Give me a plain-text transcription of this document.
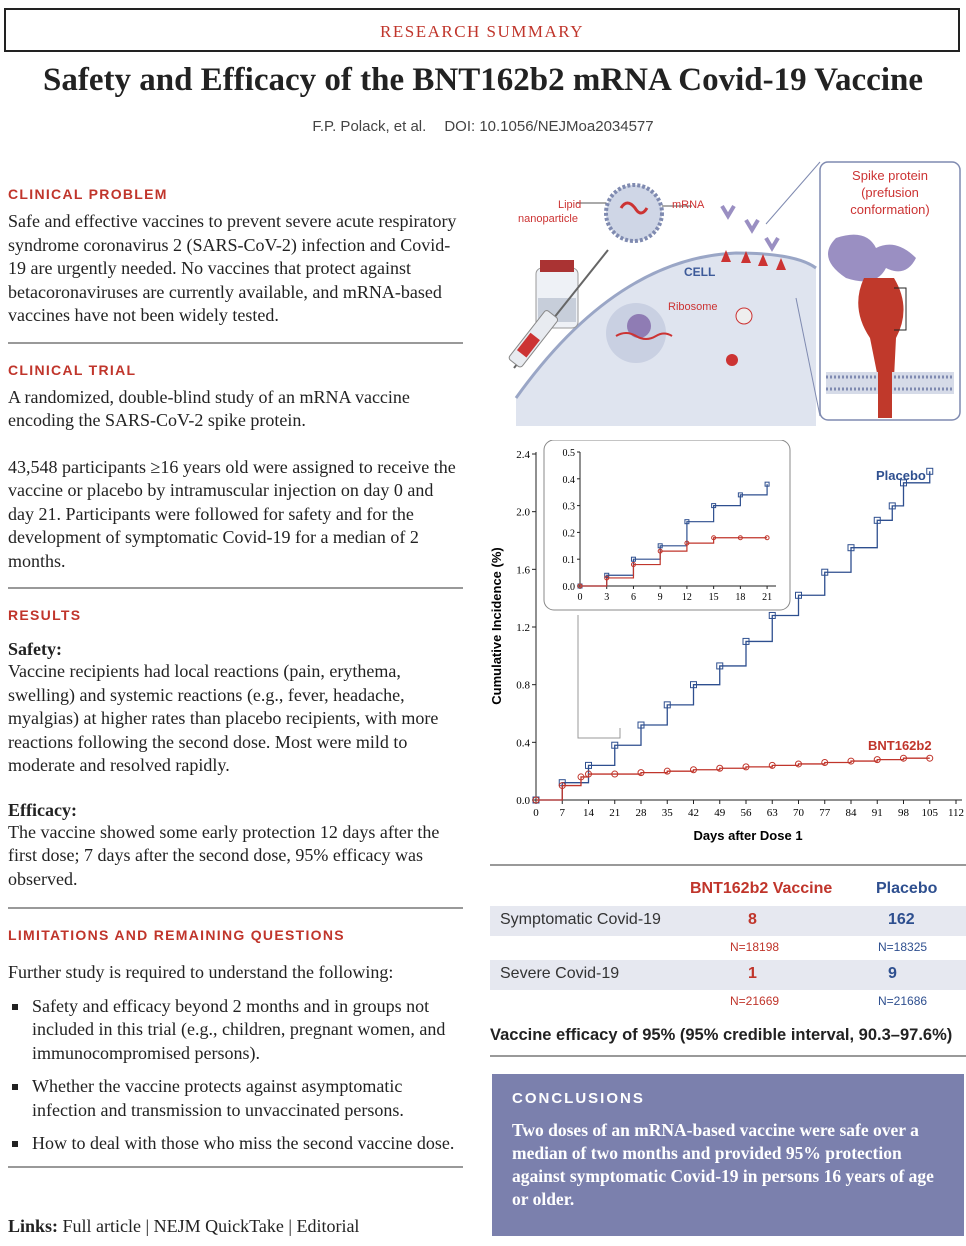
RESEARCH SUMMARY
Safety and Efficacy of the BNT162b2 mRNA Covid-19 Vaccine
F.P. Polack, et al. DOI: 10.1056/NEJMoa2034577
CLINICAL PROBLEM

Safe and effective vaccines to prevent severe acute respiratory syndrome coronavirus 2 (SARS-CoV-2) infection and Covid-19 are urgently needed. No vaccines that protect against betacoronaviruses are currently available, and mRNA-based vaccines have not been widely tested.

CLINICAL TRIAL

A randomized, double-blind study of an mRNA vaccine encoding the SARS-CoV-2 spike protein.

43,548 participants ≥16 years old were assigned to receive the vaccine or placebo by intramuscular injection on day 0 and day 21. Participants were followed for safety and for the development of symptomatic Covid-19 for a median of 2 months.

RESULTS

Safety:

Vaccine recipients had local reactions (pain, erythema, swelling) and systemic reactions (e.g., fever, headache, myalgias) at higher rates than placebo recipients, with more reactions following the second dose. Most were mild to moderate and resolved rapidly.

Efficacy:

The vaccine showed some early protection 12 days after the first dose; 7 days after the second dose, 95% efficacy was observed.

LIMITATIONS AND REMAINING QUESTIONS

Further study is required to understand the following:

Safety and efficacy beyond 2 months and in groups not included in this trial (e.g., children, pregnant women, and immunocompromised persons).
Whether the vaccine protects against asymptomatic infection and transmission to unvaccinated persons.
How to deal with those who miss the second vaccine dose.
Links: Full article | NEJM QuickTake | Editorial
Lipid
nanoparticle
mRNA
CELL
Ribosome
Spike protein
(prefusion
conformation)
0.0
0.4
0.8
1.2
1.6
2.0
2.4
0 7 14 21 28 35 42 49 56 63 70 77 84 91 98 105 112
Cumulative Incidence (%)
Days after Dose 1
Placebo
BNT162b2
0.0
0.1
0.2
0.3
0.4
0.5
0 3 6 9 12 15 18 21
BNT162b2 Vaccine	Placebo
Symptomatic Covid-19	8	162
N=18198	N=18325
Severe Covid-19	1	9
N=21669	N=21686
Vaccine efficacy of 95% (95% credible interval, 90.3–97.6%)
CONCLUSIONS
Two doses of an mRNA-based vaccine were safe over a median of two months and provided 95% protection against symptomatic Covid-19 in persons 16 years of age or older.
